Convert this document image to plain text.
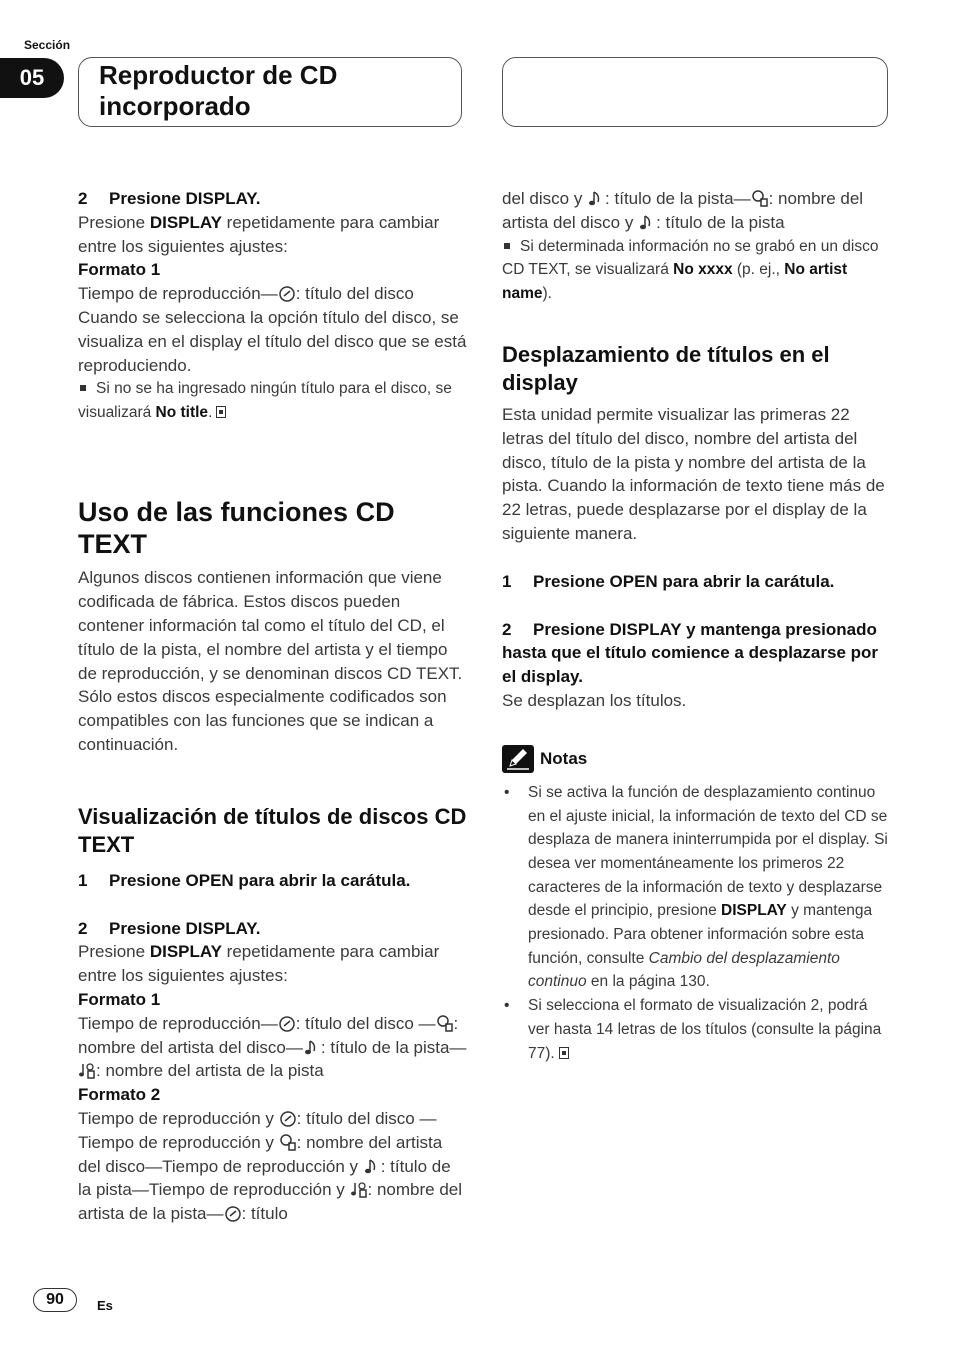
Sección
05	Reproductor de CD incorporado

2 Presione DISPLAY.

Presione DISPLAY repetidamente para cambiar entre los siguientes ajustes:

Formato 1

Tiempo de reproducción— : título del disco

Cuando se selecciona la opción título del disco, se visualiza en el display el título del disco que se está reproduciendo.

Si no se ha ingresado ningún título para el disco, se visualizará No title.

Uso de las funciones CD TEXT

Algunos discos contienen información que viene codificada de fábrica. Estos discos pueden contener información tal como el título del CD, el título de la pista, el nombre del artista y el tiempo de reproducción, y se denominan discos CD TEXT. Sólo estos discos especialmente codificados son compatibles con las funciones que se indican a continuación.

Visualización de títulos de discos CD TEXT

1 Presione OPEN para abrir la carátula.

2 Presione DISPLAY.

Presione DISPLAY repetidamente para cambiar entre los siguientes ajustes:

Formato 1

Tiempo de reproducción— : título del disco — : nombre del artista del disco— : título de la pista—
: nombre del artista de la pista

Formato 2

Tiempo de reproducción y
: título del disco —Tiempo de reproducción y
: nombre del artista del disco—Tiempo de reproducción y
: título de la pista—Tiempo de reproducción y
: nombre del artista de la pista— : título

del disco y
: título de la pista— : nombre del artista del disco y
: título de la pista

Si determinada información no se grabó en un disco CD TEXT, se visualizará No xxxx (p. ej., No artist name).

Desplazamiento de títulos en el display

Esta unidad permite visualizar las primeras 22 letras del título del disco, nombre del artista del disco, título de la pista y nombre del artista de la pista. Cuando la información de texto tiene más de 22 letras, puede desplazarse por el display de la siguiente manera.

1 Presione OPEN para abrir la carátula.

2 Presione DISPLAY y mantenga presionado hasta que el título comience a desplazarse por el display.

Se desplazan los títulos.

Notas
• Si se activa la función de desplazamiento continuo en el ajuste inicial, la información de texto del CD se desplaza de manera ininterrumpida por el display. Si desea ver momentáneamente los primeros 22 caracteres de la información de texto y desplazarse desde el principio, presione DISPLAY y mantenga presionado. Para obtener información sobre esta función, consulte Cambio del desplazamiento continuo en la página 130.
• Si selecciona el formato de visualización 2, podrá ver hasta 14 letras de los títulos (consulte la página 77).
90	Es
